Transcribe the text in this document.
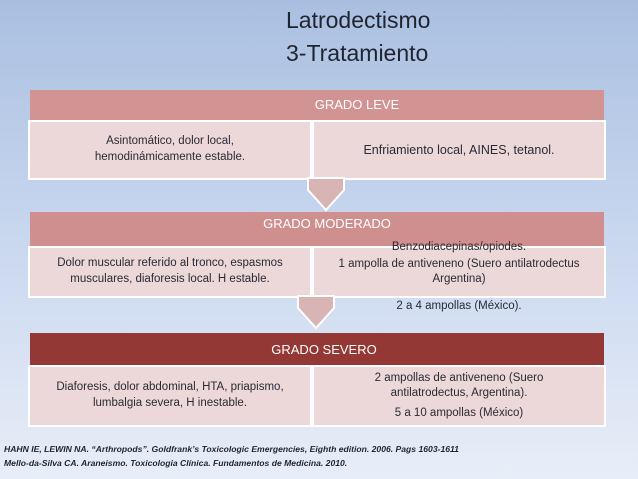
Latrodectismo
3-Tratamiento
GRADO LEVE
Asintomático, dolor local, hemodinámicamente estable.
Enfriamiento local, AINES, tetanol.
GRADO MODERADO
Dolor muscular referido al tronco, espasmos musculares, diaforesis local. H estable.
Benzodiacepinas/opiodes.
1 ampolla de antiveneno (Suero antilatrodectus Argentina)
2 a 4 ampollas (México).
GRADO SEVERO
Diaforesis, dolor abdominal, HTA, priapismo, lumbalgia severa, H inestable.
2 ampollas de antiveneno (Suero antilatrodectus, Argentina).
5 a 10 ampollas (México)
HAHN IE, LEWIN NA. “Arthropods”. Goldfrank’s Toxicologic Emergencies, Eighth edition. 2006. Pags 1603-1611
Mello-da-Silva CA. Araneismo. Toxicologia Clínica. Fundamentos de Medicina. 2010.
